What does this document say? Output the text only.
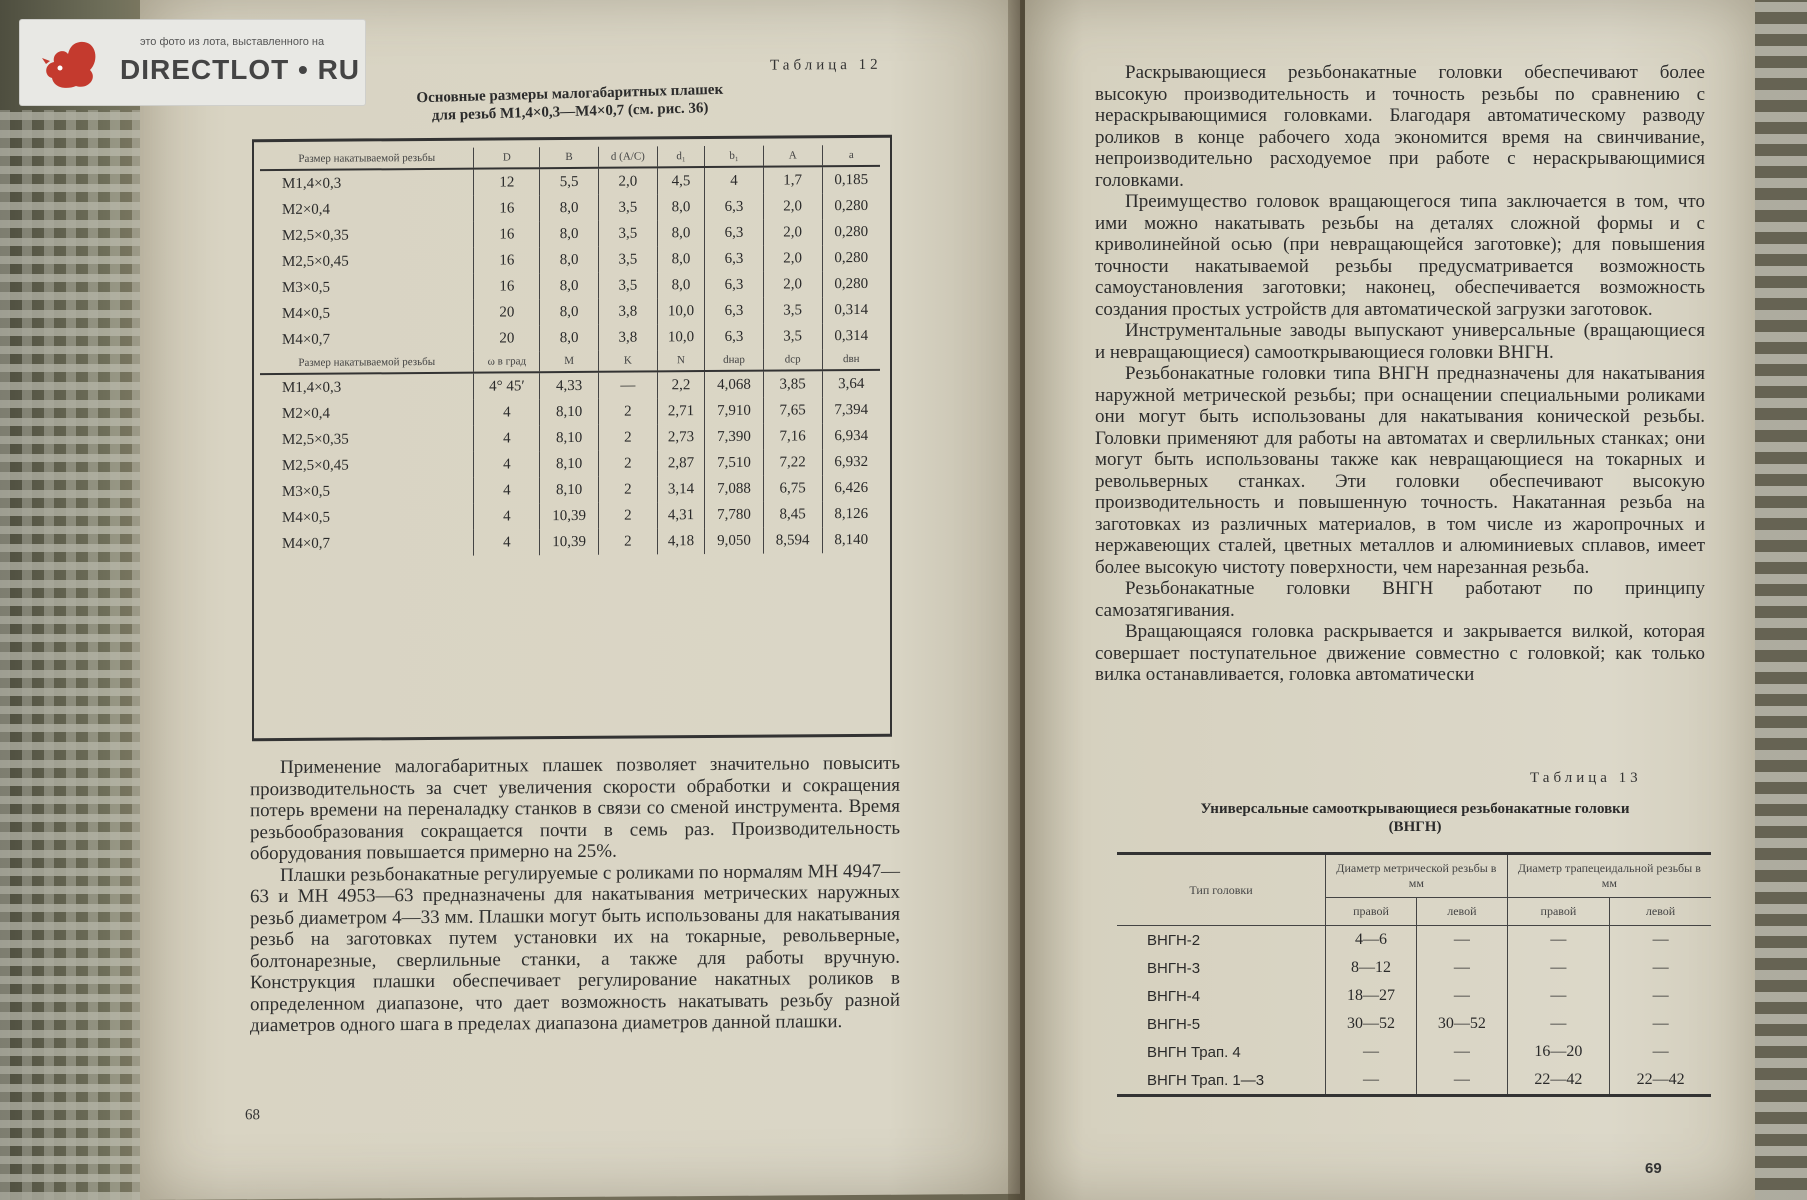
Таблица 12
Основные размеры малогабаритных плашек
для резьб М1,4×0,3—М4×0,7 (см. рис. 36)
Размер накатываемой резьбы	D	B	d (A/C)	d₁	b₁	A	a
М1,4×0,3	12	5,5	2,0	4,5	4	1,7	0,185
М2×0,4	16	8,0	3,5	8,0	6,3	2,0	0,280
М2,5×0,35	16	8,0	3,5	8,0	6,3	2,0	0,280
М2,5×0,45	16	8,0	3,5	8,0	6,3	2,0	0,280
М3×0,5	16	8,0	3,5	8,0	6,3	2,0	0,280
М4×0,5	20	8,0	3,8	10,0	6,3	3,5	0,314
М4×0,7	20	8,0	3,8	10,0	6,3	3,5	0,314
Размер накатываемой резьбы	ω в град	M	K	N	dнар	dср	dвн
М1,4×0,3	4° 45′	4,33	—	2,2	4,068	3,85	3,64
М2×0,4	4	8,10	2	2,71	7,910	7,65	7,394
М2,5×0,35	4	8,10	2	2,73	7,390	7,16	6,934
М2,5×0,45	4	8,10	2	2,87	7,510	7,22	6,932
М3×0,5	4	8,10	2	3,14	7,088	6,75	6,426
М4×0,5	4	10,39	2	4,31	7,780	8,45	8,126
М4×0,7	4	10,39	2	4,18	9,050	8,594	8,140
Применение малогабаритных плашек позволяет значительно повысить производительность за счет увеличения скорости обработки и сокращения потерь времени на переналадку станков в связи со сменой инструмента. Время резьбообразования сокращается почти в семь раз. Производительность оборудования повышается примерно на 25%.
Плашки резьбонакатные регулируемые с роликами по нормалям МН 4947—63 и МН 4953—63 предназначены для накатывания метрических наружных резьб диаметром 4—33 мм. Плашки могут быть использованы для накатывания резьб на заготовках путем установки их на токарные, револьверные, болтонарезные, сверлильные станки, а также для работы вручную. Конструкция плашки обеспечивает регулирование накатных роликов в определенном диапазоне, что дает возможность накатывать резьбу разной диаметров одного шага в пределах диапазона диаметров данной плашки.
68
Раскрывающиеся резьбонакатные головки обеспечивают более высокую производительность и точность резьбы по сравнению с нераскрывающимися головками. Благодаря автоматическому разводу роликов в конце рабочего хода экономится время на свинчивание, непроизводительно расходуемое при работе с нераскрывающимися головками.
Преимущество головок вращающегося типа заключается в том, что ими можно накатывать резьбы на деталях сложной формы и с криволинейной осью (при невращающейся заготовке); для повышения точности накатываемой резьбы предусматривается возможность самоустановления заготовки; наконец, обеспечивается возможность создания простых устройств для автоматической загрузки заготовок.
Инструментальные заводы выпускают универсальные (вращающиеся и невращающиеся) самооткрывающиеся головки ВНГН.
Резьбонакатные головки типа ВНГН предназначены для накатывания наружной метрической резьбы; при оснащении специальными роликами они могут быть использованы для накатывания конической резьбы. Головки применяют для работы на автоматах и сверлильных станках; они могут быть использованы также как невращающиеся на токарных и револьверных станках. Эти головки обеспечивают высокую производительность и повышенную точность. Накатанная резьба на заготовках из различных материалов, в том числе из жаропрочных и нержавеющих сталей, цветных металлов и алюминиевых сплавов, имеет более высокую чистоту поверхности, чем нарезанная резьба.
Резьбонакатные головки ВНГН работают по принципу самозатягивания.
Вращающаяся головка раскрывается и закрывается вилкой, которая совершает поступательное движение совместно с головкой; как только вилка останавливается, головка автоматически
Таблица 13
Универсальные самооткрывающиеся резьбонакатные головки
(ВНГН)
Тип головки	Диаметр метрической резьбы в мм		Диаметр трапецеидальной резьбы в мм	
	правой	левой	правой	левой
ВНГН-2	4—6	—	—	—
ВНГН-3	8—12	—	—	—
ВНГН-4	18—27	—	—	—
ВНГН-5	30—52	30—52	—	—
ВНГН Трап. 4	—	—	16—20	—
ВНГН Трап. 1—3	—	—	22—42	22—42
69
это фото из лота, выставленного на
DIRECTLOT • RU
